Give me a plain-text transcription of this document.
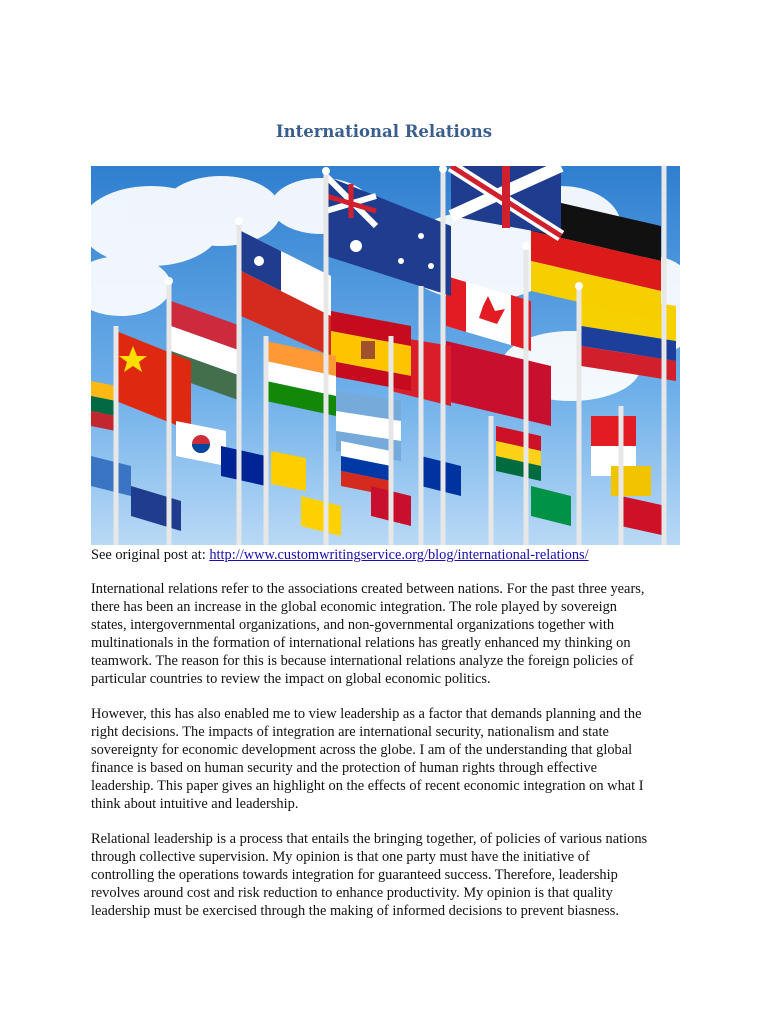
International Relations
See original post at: http://www.customwritingservice.org/blog/international-relations/

International relations refer to the associations created between nations. For the past three years,
there has been an increase in the global economic integration. The role played by sovereign
states, intergovernmental organizations, and non-governmental organizations together with
multinationals in the formation of international relations has greatly enhanced my thinking on
teamwork. The reason for this is because international relations analyze the foreign policies of
particular countries to review the impact on global economic politics.

However, this has also enabled me to view leadership as a factor that demands planning and the
right decisions. The impacts of integration are international security, nationalism and state
sovereignty for economic development across the globe. I am of the understanding that global
finance is based on human security and the protection of human rights through effective
leadership. This paper gives an highlight on the effects of recent economic integration on what I
think about intuitive and leadership.

Relational leadership is a process that entails the bringing together, of policies of various nations
through collective supervision. My opinion is that one party must have the initiative of
controlling the operations towards integration for guaranteed success. Therefore, leadership
revolves around cost and risk reduction to enhance productivity. My opinion is that quality
leadership must be exercised through the making of informed decisions to prevent biasness.
